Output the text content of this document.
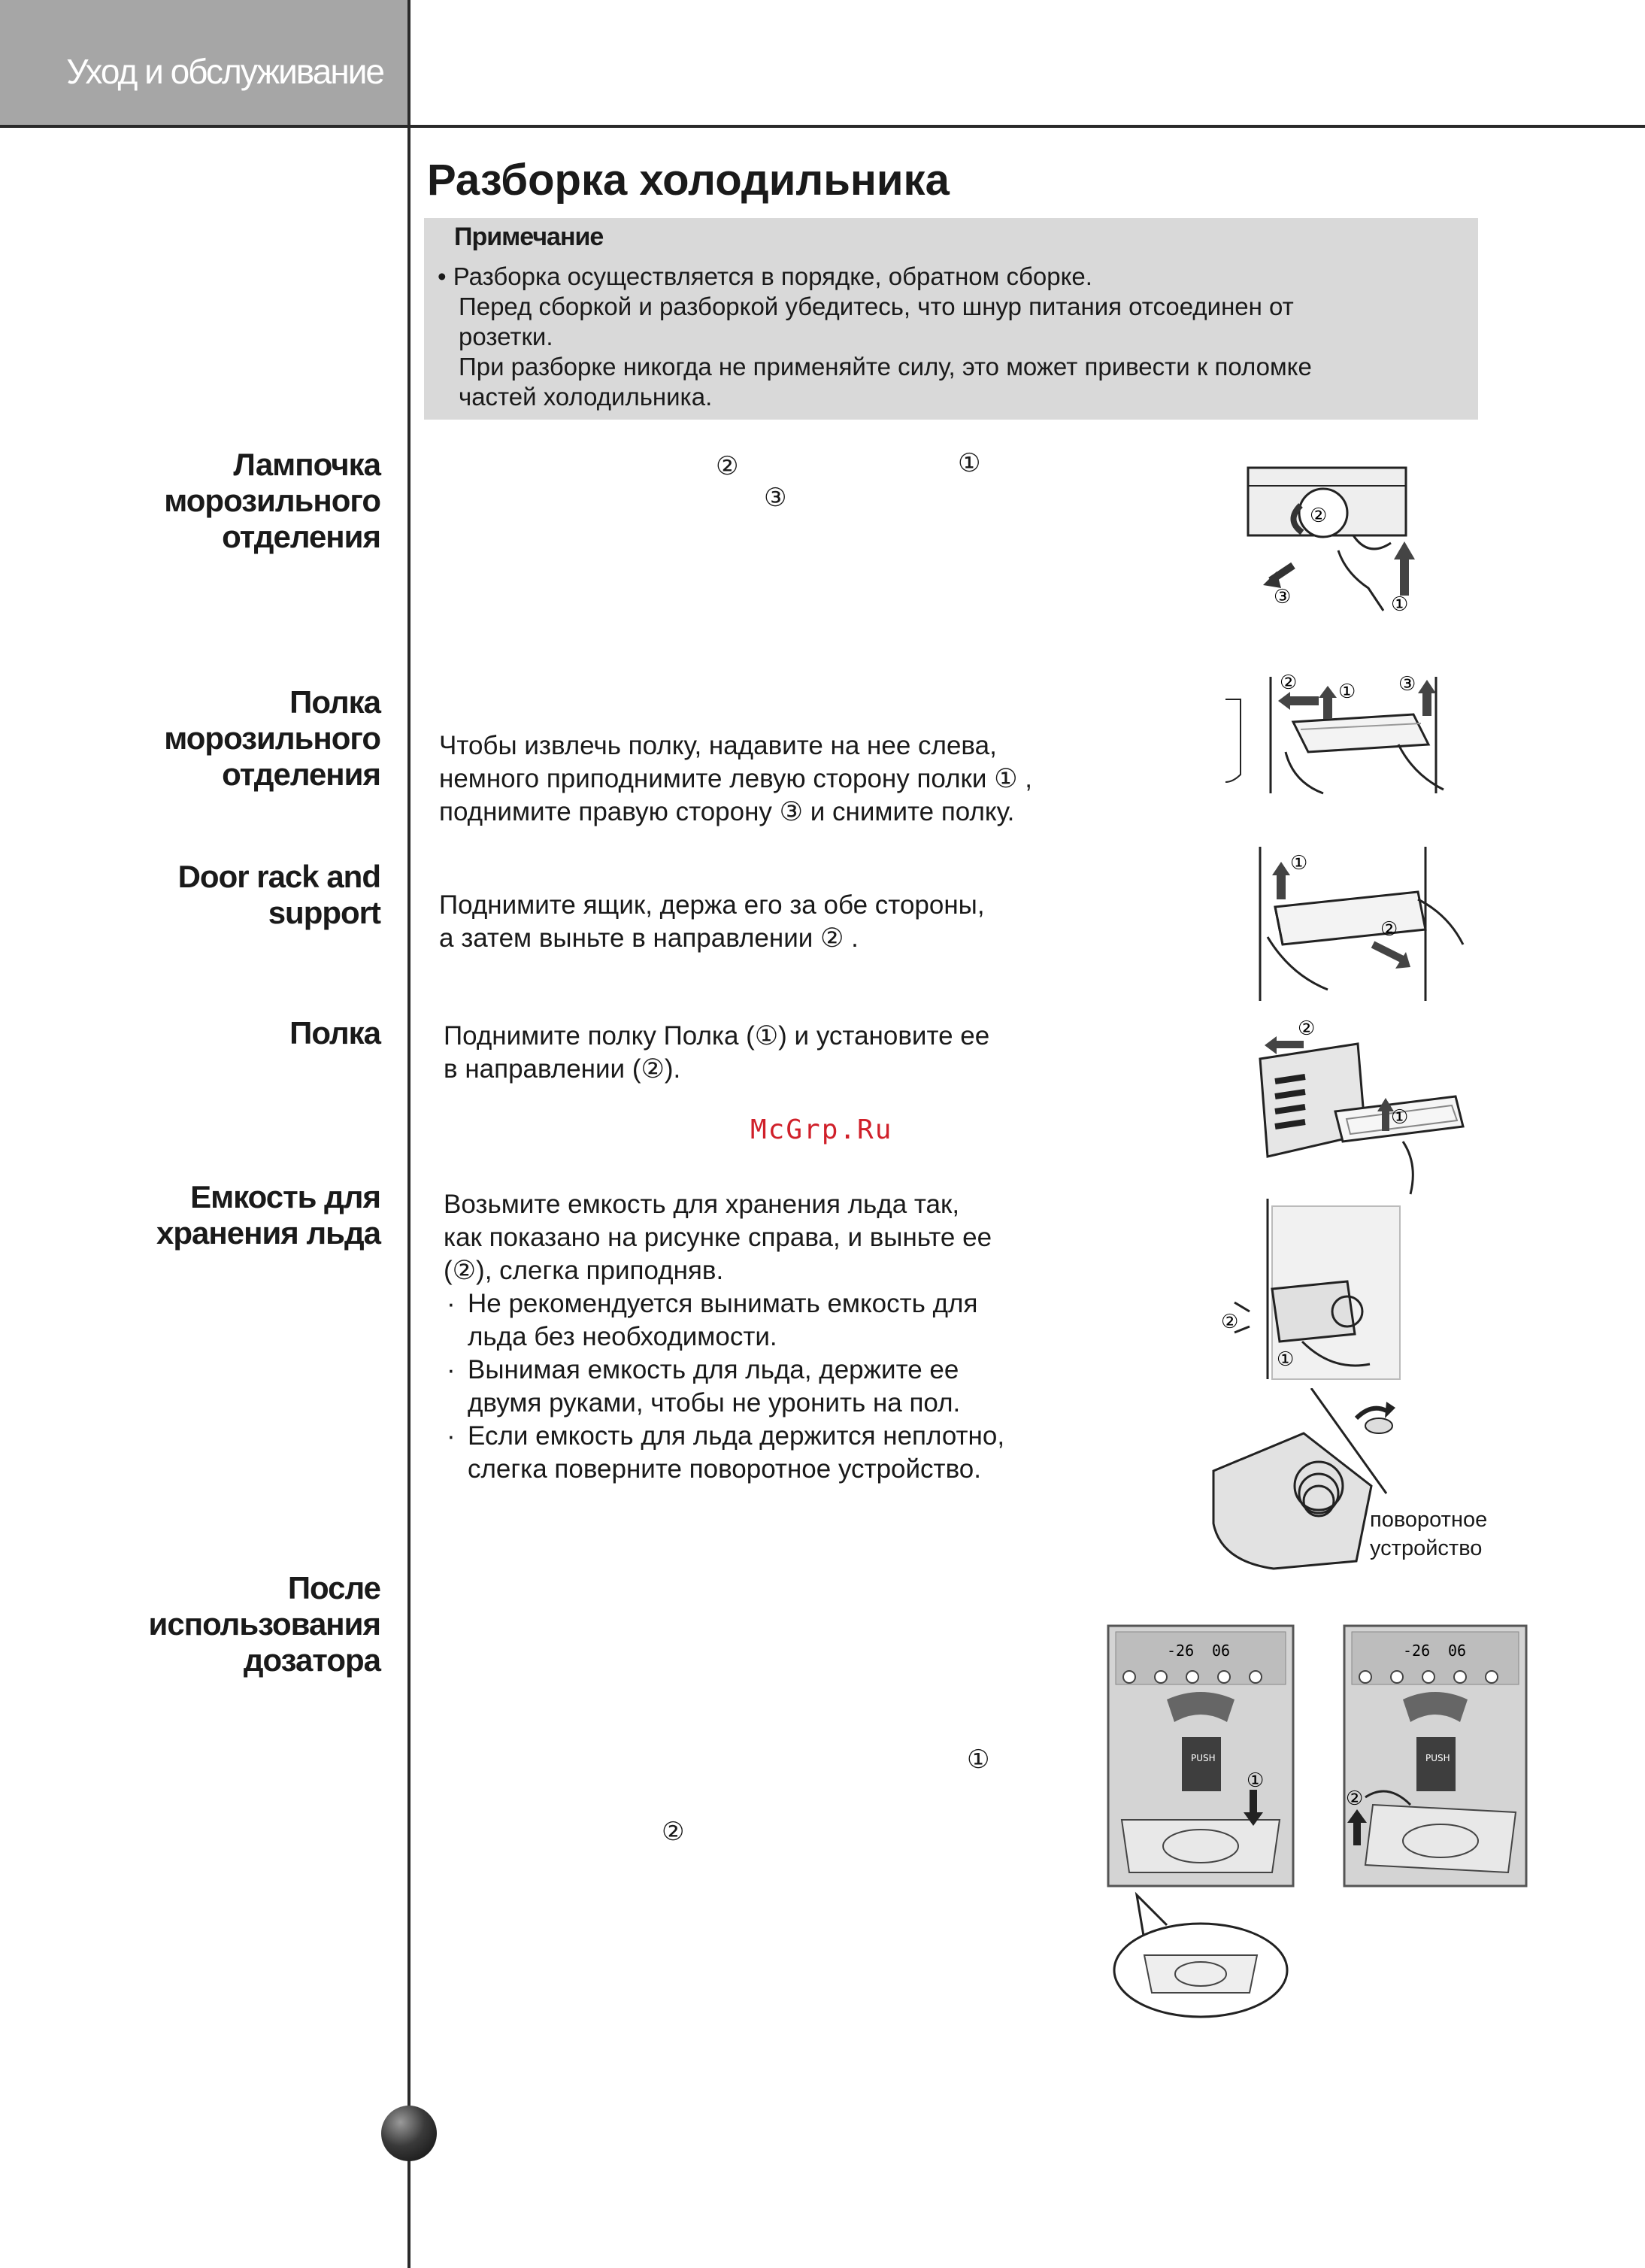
Уход и обслуживание
Разборка холодильника
Примечание
• Разборка осуществляется в порядке, обратном сборке.
Перед сборкой и разборкой убедитесь, что шнур питания отсоединен от
розетки.
При разборке никогда не применяйте силу, это может привести к поломке
частей холодильника.
Лампочка
морозильного
отделения
②	①
③
②
③	①
Полка
морозильного
отделения
Чтобы извлечь полку, надавите на нее слева,
немного приподнимите левую сторону полки ① ,
поднимите правую сторону ③ и снимите полку.
② ① ③
Door rack and
support Поднимите ящик, держа его за обе стороны,
а затем выньте в направлении ② .
①
②
Полка Поднимите полку Полка (①) и установите ее
в направлении (②).
②
①
McGrp.Ru
Емкость для
хранения льда
Возьмите емкость для хранения льда так,
как показано на рисунке справа, и выньте ее
(②), слегка приподняв.
· Не рекомендуется вынимать емкость для
льда без необходимости.
· Вынимая емкость для льда, держите ее
двумя руками, чтобы не уронить на пол.
· Если емкость для льда держится неплотно,
слегка поверните поворотное устройство.
②
①
поворотное
устройство
После
использования
дозатора
①
②
-26 06
PUSH
①
-26 06
PUSH
②
